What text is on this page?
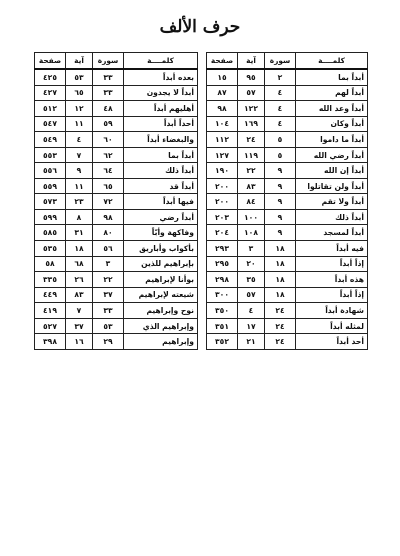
حرف الألف
كلمــــة	سورة	آية	صفحة
أبداً بما	٢	٩٥	١٥
أبداً لهم	٤	٥٧	٨٧
أبداً وعد الله	٤	١٢٢	٩٨
أبداً وكان	٤	١٦٩	١٠٤
أبداً ما داموا	٥	٢٤	١١٢
أبداً رضي الله	٥	١١٩	١٢٧
أبداً إن الله	٩	٢٢	١٩٠
أبداً ولن تقاتلوا	٩	٨٣	٢٠٠
أبداً ولا تقم	٩	٨٤	٢٠٠
أبداً ذلك	٩	١٠٠	٢٠٣
أبداً لمسجد	٩	١٠٨	٢٠٤
فيه أبداً	١٨	٣	٢٩٣
إذاً أبداً	١٨	٢٠	٢٩٥
هذه أبداً	١٨	٣٥	٢٩٨
إذاً أبداً	١٨	٥٧	٣٠٠
شهادة أبداً	٢٤	٤	٣٥٠
لمثله أبداً	٢٤	١٧	٣٥١
أحد أبداً	٢٤	٢١	٣٥٢
كلمــــة	سورة	آية	صفحة
بعده أبداً	٣٣	٥٣	٤٢٥
أبداً لا يجدون	٣٣	٦٥	٤٢٧
أهليهم أبداً	٤٨	١٢	٥١٢
أحداً أبداً	٥٩	١١	٥٤٧
والبغضاء أبداً	٦٠	٤	٥٤٩
أبداً بما	٦٢	٧	٥٥٣
أبداً ذلك	٦٤	٩	٥٥٦
أبداً قد	٦٥	١١	٥٥٩
فيها أبداً	٧٢	٢٣	٥٧٣
أبداً رضي	٩٨	٨	٥٩٩
وفاكهة وأبّاً	٨٠	٣١	٥٨٥
بأكواب وأباريق	٥٦	١٨	٥٣٥
بإبراهيم للذين	٣	٦٨	٥٨
بوأنا لإبراهيم	٢٢	٢٦	٣٣٥
شيعته لإبراهيم	٣٧	٨٣	٤٤٩
نوح وإبراهيم	٣٣	٧	٤١٩
وإبراهيم الذي	٥٣	٣٧	٥٢٧
وإبراهيم	٢٩	١٦	٣٩٨
